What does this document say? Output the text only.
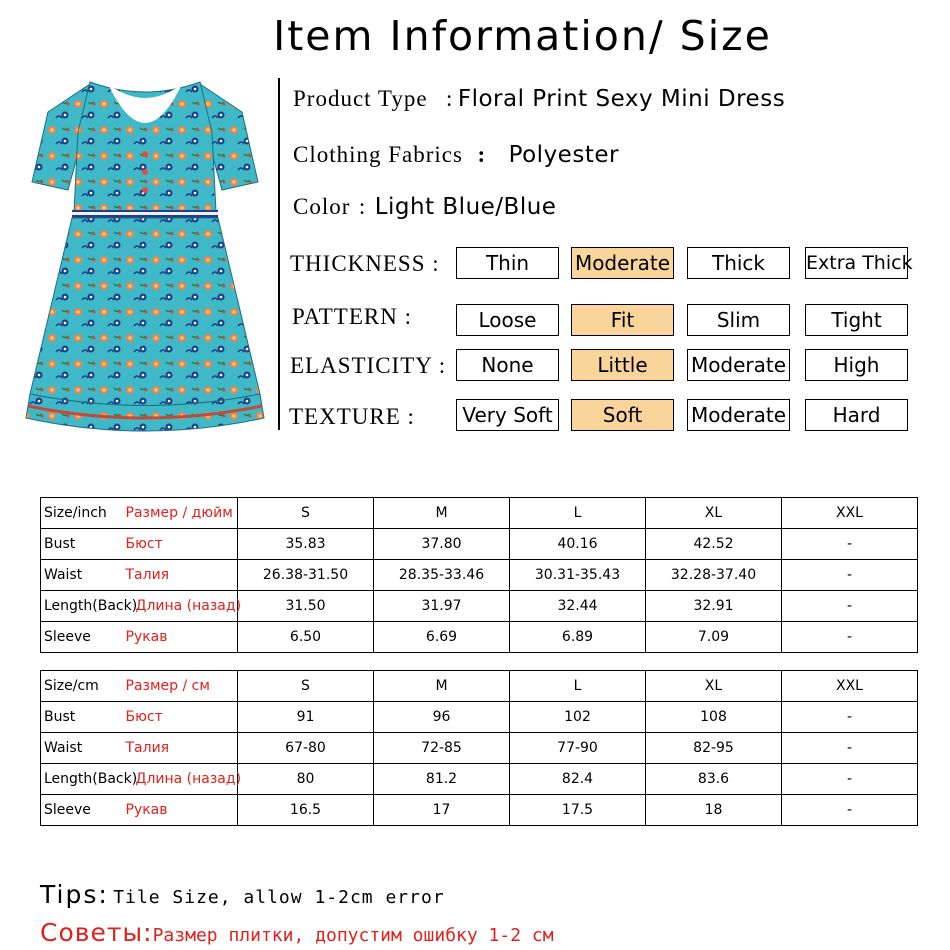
Item Information/ Size
Product Type : Floral Print Sexy Mini Dress
Clothing Fabrics : Polyester
Color : Light Blue/Blue
THICKNESS :
PATTERN :
ELASTICITY :
TEXTURE :
Thin	Moderate	Thick	Extra Thick
Loose	Fit	Slim	Tight
None	Little	Moderate	High
Very Soft	Soft	Moderate	Hard
Size/inch Размер / дюйм	S	M	L	XL	XXL
Bust Бюст	35.83	37.80	40.16	42.52	-
Waist Талия	26.38-31.50	28.35-33.46	30.31-35.43	32.28-37.40	-
Length(Back)
Длина (назад)	31.50	31.97	32.44	32.91	-
Sleeve Рукав	6.50	6.69	6.89	7.09	-
Size/cm Размер / см	S	M	L	XL	XXL
Bust Бюст	91	96	102	108	-
Waist Талия	67-80	72-85	77-90	82-95	-
Length(Back)
Длина (назад)	80	81.2	82.4	83.6	-
Sleeve Рукав	16.5	17	17.5	18	-
Tips: Tile Size, allow 1-2cm error
Советы:Размер плитки, допустим ошибку 1-2 см
